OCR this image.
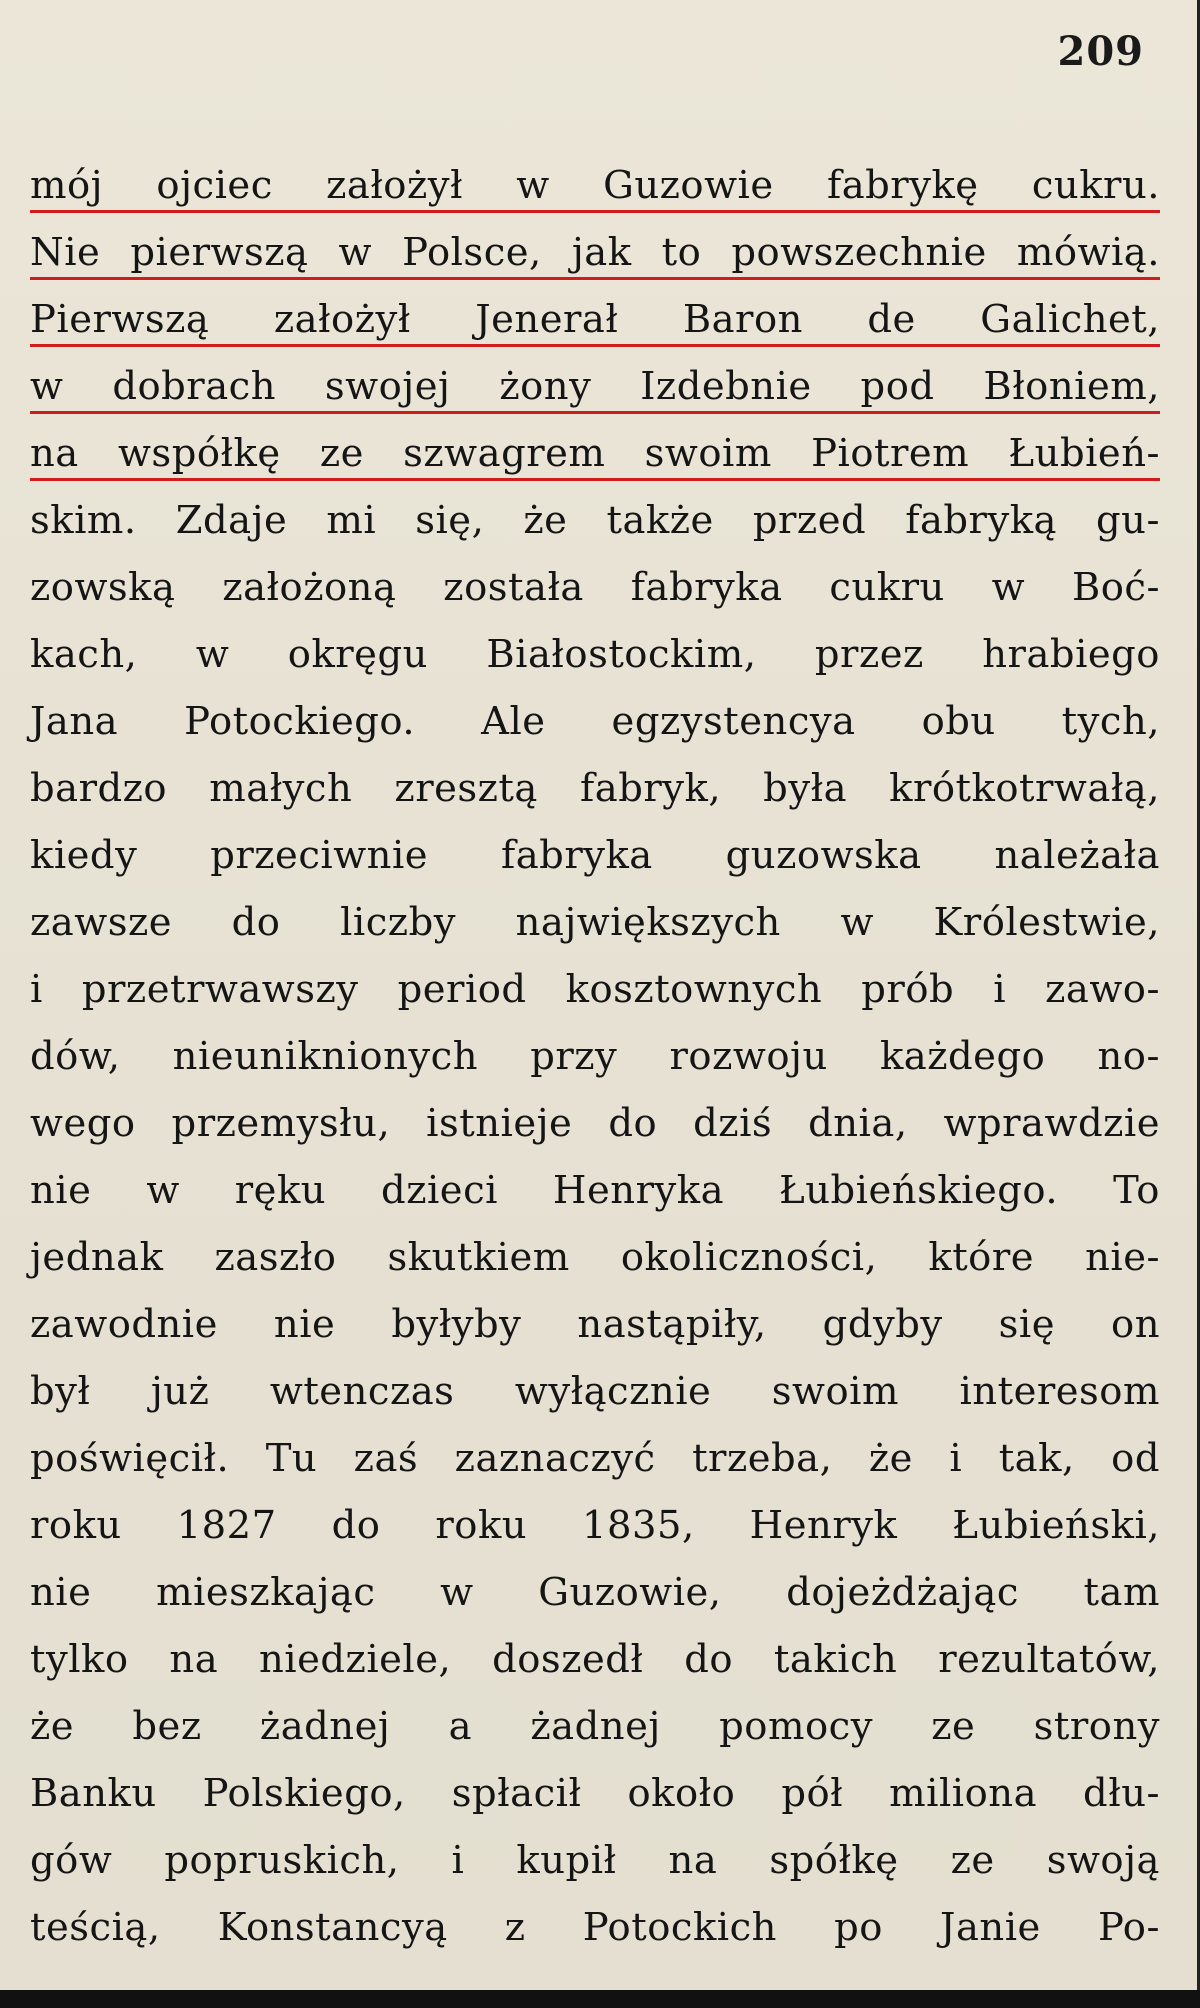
209
mój ojciec założył w Guzowie fabrykę cukru.
Nie pierwszą w Polsce, jak to powszechnie mówią.
Pierwszą założył Jenerał Baron de Galichet,
w dobrach swojej żony Izdebnie pod Błoniem,
na współkę ze szwagrem swoim Piotrem Łubień-
skim. Zdaje mi się, że także przed fabryką gu-
zowską założoną została fabryka cukru w Boć-
kach, w okręgu Białostockim, przez hrabiego
Jana Potockiego. Ale egzystencya obu tych,
bardzo małych zresztą fabryk, była krótkotrwałą,
kiedy przeciwnie fabryka guzowska należała
zawsze do liczby największych w Królestwie,
i przetrwawszy period kosztownych prób i zawo-
dów, nieuniknionych przy rozwoju każdego no-
wego przemysłu, istnieje do dziś dnia, wprawdzie
nie w ręku dzieci Henryka Łubieńskiego. To
jednak zaszło skutkiem okoliczności, które nie-
zawodnie nie byłyby nastąpiły, gdyby się on
był już wtenczas wyłącznie swoim interesom
poświęcił. Tu zaś zaznaczyć trzeba, że i tak, od
roku 1827 do roku 1835, Henryk Łubieński,
nie mieszkając w Guzowie, dojeżdżając tam
tylko na niedziele, doszedł do takich rezultatów,
że bez żadnej a żadnej pomocy ze strony
Banku Polskiego, spłacił około pół miliona dłu-
gów popruskich, i kupił na spółkę ze swoją
teścią, Konstancyą z Potockich po Janie Po-
